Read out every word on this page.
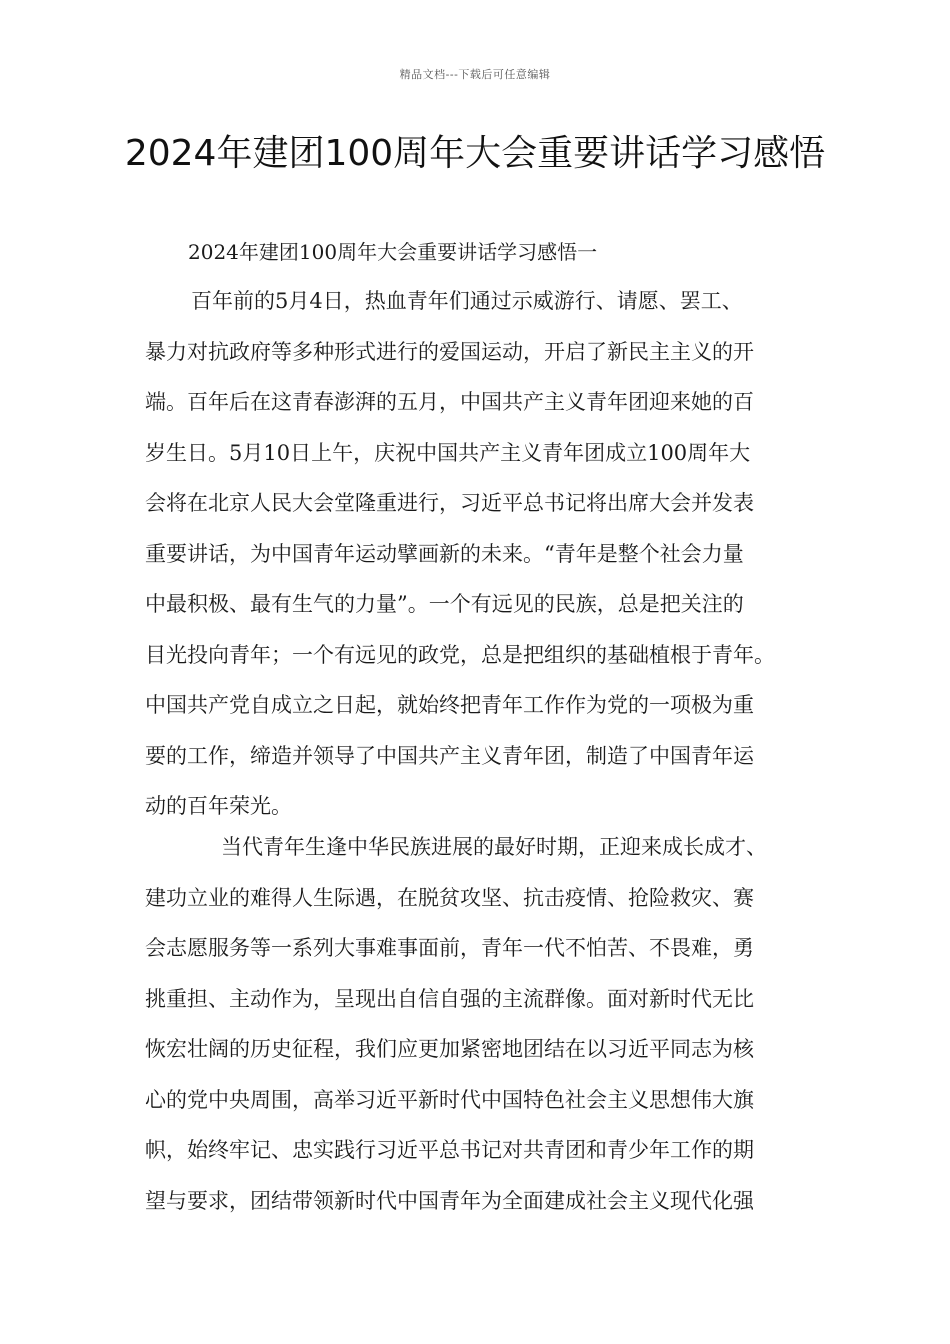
精品文档---下载后可任意编辑
2024年建团100周年大会重要讲话学习感悟

2024年建团100周年大会重要讲话学习感悟一

百年前的5月4日，热血青年们通过示威游行、请愿、罢工、
暴力对抗政府等多种形式进行的爱国运动，开启了新民主主义的开
端。百年后在这青春澎湃的五月，中国共产主义青年团迎来她的百
岁生日。5月10日上午，庆祝中国共产主义青年团成立100周年大
会将在北京人民大会堂隆重进行，习近平总书记将出席大会并发表
重要讲话，为中国青年运动擘画新的未来。“青年是整个社会力量
中最积极、最有生气的力量”。一个有远见的民族，总是把关注的
目光投向青年；一个有远见的政党，总是把组织的基础植根于青年。
中国共产党自成立之日起，就始终把青年工作作为党的一项极为重
要的工作，缔造并领导了中国共产主义青年团，制造了中国青年运
动的百年荣光。
当代青年生逢中华民族进展的最好时期，正迎来成长成才、
建功立业的难得人生际遇，在脱贫攻坚、抗击疫情、抢险救灾、赛
会志愿服务等一系列大事难事面前，青年一代不怕苦、不畏难，勇
挑重担、主动作为，呈现出自信自强的主流群像。面对新时代无比
恢宏壮阔的历史征程，我们应更加紧密地团结在以习近平同志为核
心的党中央周围，高举习近平新时代中国特色社会主义思想伟大旗
帜，始终牢记、忠实践行习近平总书记对共青团和青少年工作的期
望与要求，团结带领新时代中国青年为全面建成社会主义现代化强
